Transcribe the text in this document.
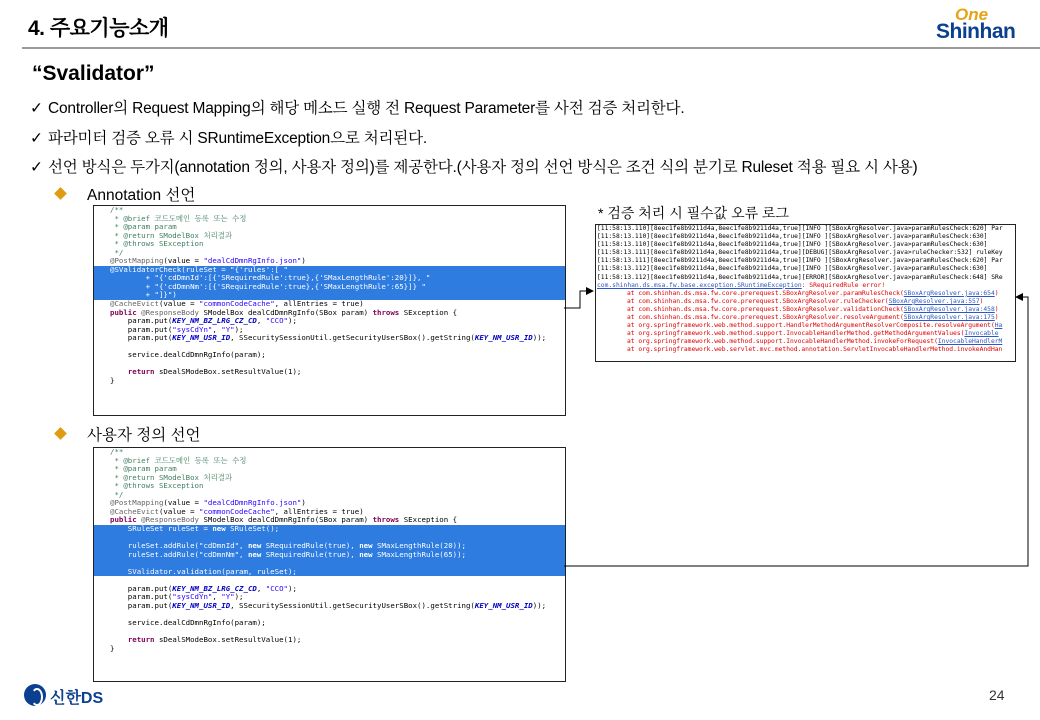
4. 주요기능소개
One
Shinhan
“Svalidator”
✓ Controller의 Request Mapping의 해당 메소드 실행 전 Request Parameter를 사전 검증 처리한다.
✓ 파라미터 검증 오류 시 SRuntimeException으로 처리된다.
✓ 선언 방식은 두가지(annotation 정의, 사용자 정의)를 제공한다.(사용자 정의 선언 방식은 조건 식의 분기로 Ruleset 적용 필요 시 사용)
Annotation 선언
사용자 정의 선언
/**
* @brief 코드도메인 등록 또는 수정
* @param param
* @return SModelBox 처리결과
* @throws SException
*/
@PostMapping(value = "dealCdDmnRgInfo.json")
@SValidatorCheck(ruleSet = "{'rules':[ "
+ "{'cdDmnId':[{'SRequiredRule':true},{'SMaxLengthRule':20}]}, "
+ "{'cdDmnNm':[{'SRequiredRule':true},{'SMaxLengthRule':65}]} "
+ "]}")
@CacheEvict(value = "commonCodeCache", allEntries = true)
public @ResponseBody SModelBox dealCdDmnRgInfo(SBox param) throws SException {
param.put(KEY_NM_BZ_LRG_CZ_CD, "CCO");
param.put("sysCdYn", "Y");
param.put(KEY_NM_USR_ID, SSecuritySessionUtil.getSecurityUserSBox().getString(KEY_NM_USR_ID));

service.dealCdDmnRgInfo(param);

return sDealSModeBox.setResultValue(1);
}
/**
* @brief 코드도메인 등록 또는 수정
* @param param
* @return SModelBox 처리결과
* @throws SException
*/
@PostMapping(value = "dealCdDmnRgInfo.json")
@CacheEvict(value = "commonCodeCache", allEntries = true)
public @ResponseBody SModelBox dealCdDmnRgInfo(SBox param) throws SException {
SRuleSet ruleSet = new SRuleSet();

ruleSet.addRule("cdDmnId", new SRequiredRule(true), new SMaxLengthRule(20));
ruleSet.addRule("cdDmnNm", new SRequiredRule(true), new SMaxLengthRule(65));

SValidator.validation(param, ruleSet);

param.put(KEY_NM_BZ_LRG_CZ_CD, "CCO");
param.put("sysCdYn", "Y");
param.put(KEY_NM_USR_ID, SSecuritySessionUtil.getSecurityUserSBox().getString(KEY_NM_USR_ID));

service.dealCdDmnRgInfo(param);

return sDealSModeBox.setResultValue(1);
}
* 검증 처리 시 필수값 오류 로그
[11:58:13.110][8eec1fe8b9211d4a,8eec1fe8b9211d4a,true][INFO ][SBoxArgResolver.java>paramRulesCheck:620] Par
[11:58:13.110][8eec1fe8b9211d4a,8eec1fe8b9211d4a,true][INFO ][SBoxArgResolver.java>paramRulesCheck:630]
[11:58:13.110][8eec1fe8b9211d4a,8eec1fe8b9211d4a,true][INFO ][SBoxArgResolver.java>paramRulesCheck:630]
[11:58:13.111][8eec1fe8b9211d4a,8eec1fe8b9211d4a,true][DEBUG][SBoxArgResolver.java>ruleChecker:532] ruleKey
[11:58:13.111][8eec1fe8b9211d4a,8eec1fe8b9211d4a,true][INFO ][SBoxArgResolver.java>paramRulesCheck:620] Par
[11:58:13.112][8eec1fe8b9211d4a,8eec1fe8b9211d4a,true][INFO ][SBoxArgResolver.java>paramRulesCheck:630]
[11:58:13.112][8eec1fe8b9211d4a,8eec1fe8b9211d4a,true][ERROR][SBoxArgResolver.java>paramRulesCheck:648] SRe
com.shinhan.ds.msa.fw.base.exception.SRuntimeException: SRequiredRule error!
at com.shinhan.ds.msa.fw.core.prerequest.SBoxArgResolver.paramRulesCheck(SBoxArgResolver.java:654)
at com.shinhan.ds.msa.fw.core.prerequest.SBoxArgResolver.ruleChecker(SBoxArgResolver.java:557)
at com.shinhan.ds.msa.fw.core.prerequest.SBoxArgResolver.validationCheck(SBoxArgResolver.java:458)
at com.shinhan.ds.msa.fw.core.prerequest.SBoxArgResolver.resolveArgument(SBoxArgResolver.java:175)
at org.springframework.web.method.support.HandlerMethodArgumentResolverComposite.resolveArgument(Ha
at org.springframework.web.method.support.InvocableHandlerMethod.getMethodArgumentValues(Invocable
at org.springframework.web.method.support.InvocableHandlerMethod.invokeForRequest(InvocableHandlerM
at org.springframework.web.servlet.mvc.method.annotation.ServletInvocableHandlerMethod.invokeAndHan
신한DS	24
